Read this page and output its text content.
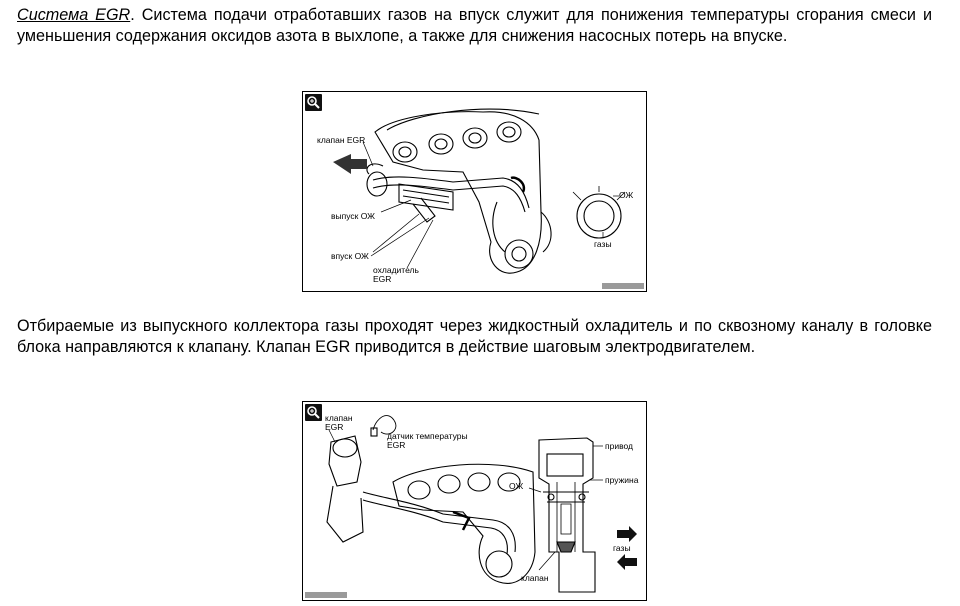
Система EGR. Система подачи отработавших газов на впуск служит для понижения температуры сгорания смеси и уменьшения содержания оксидов азота в выхлопе, а также для снижения насосных потерь на впуске.
клапан EGR
выпуск ОЖ
впуск ОЖ
охладитель
EGR
ОЖ
газы
Отбираемые из выпускного коллектора газы проходят через жидкостный охладитель и по сквозному каналу в головке блока направляются к клапану. Клапан EGR приводится в действие шаговым электродвигателем.
клапан
EGR
датчик температуры
EGR	привод
пружина
ОЖ
газы
клапан
